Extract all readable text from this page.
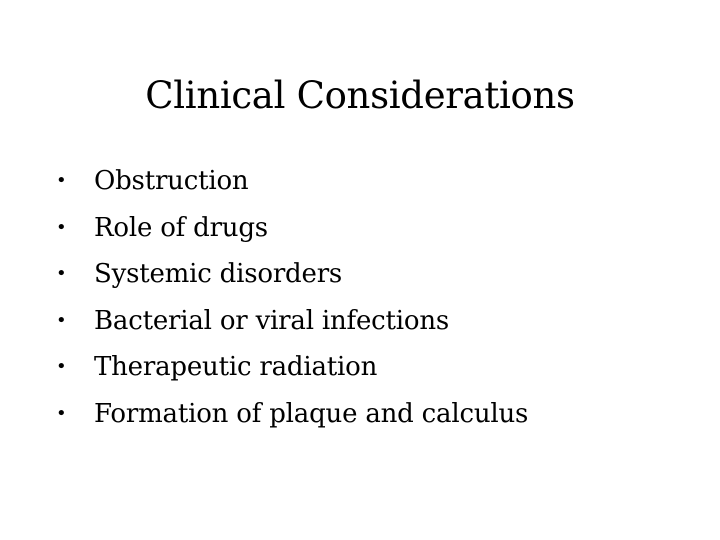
Clinical Considerations
•	Obstruction
•	Role of drugs
•	Systemic disorders
•	Bacterial or viral infections
•	Therapeutic radiation
•	Formation of plaque and calculus
